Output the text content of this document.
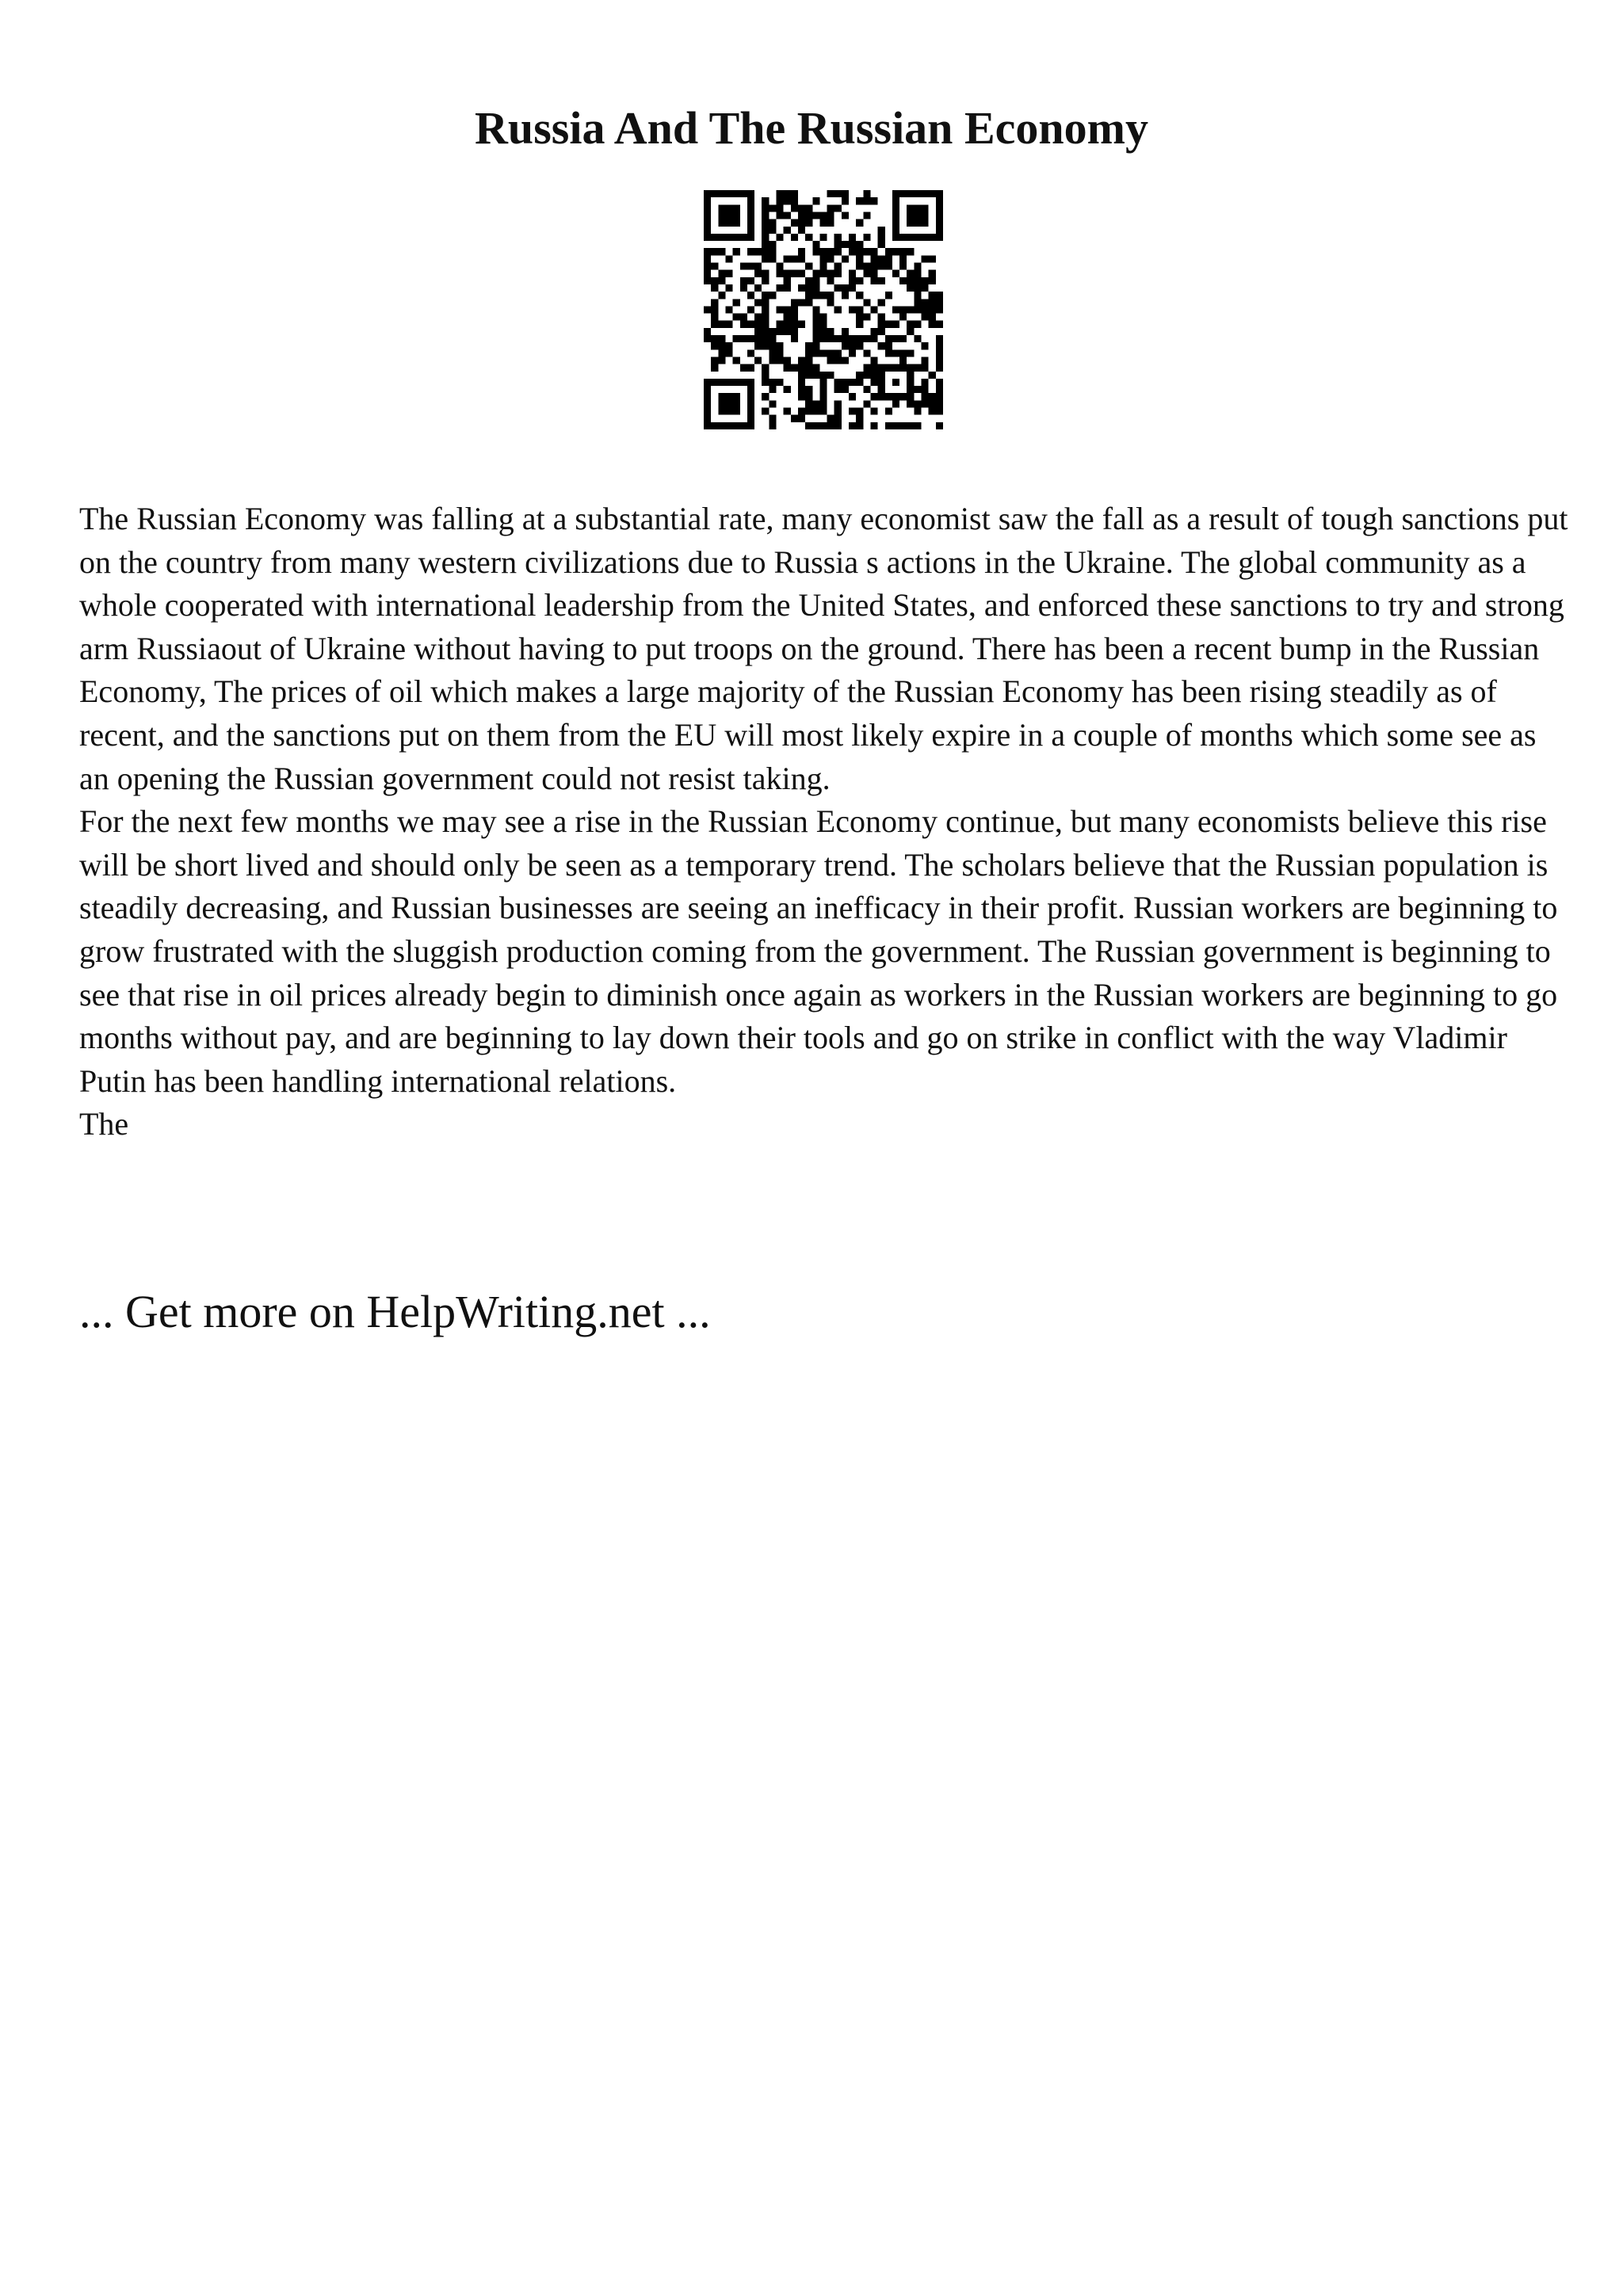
Russia And The Russian Economy

The Russian Economy was falling at a substantial rate, many economist saw the fall as a result of tough sanctions put on the country from many western civilizations due to Russia s actions in the Ukraine. The global community as a whole cooperated with international leadership from the United States, and enforced these sanctions to try and strong arm Russiaout of Ukraine without having to put troops on the ground. There has been a recent bump in the Russian Economy, The prices of oil which makes a large majority of the Russian Economy has been rising steadily as of recent, and the sanctions put on them from the EU will most likely expire in a couple of months which some see as an opening the Russian government could not resist taking.

For the next few months we may see a rise in the Russian Economy continue, but many economists believe this rise will be short lived and should only be seen as a temporary trend. The scholars believe that the Russian population is steadily decreasing, and Russian businesses are seeing an inefficacy in their profit. Russian workers are beginning to grow frustrated with the sluggish production coming from the government. The Russian government is beginning to see that rise in oil prices already begin to diminish once again as workers in the Russian workers are beginning to go months without pay, and are beginning to lay down their tools and go on strike in conflict with the way Vladimir Putin has been handling international relations.

The

... Get more on HelpWriting.net ...
